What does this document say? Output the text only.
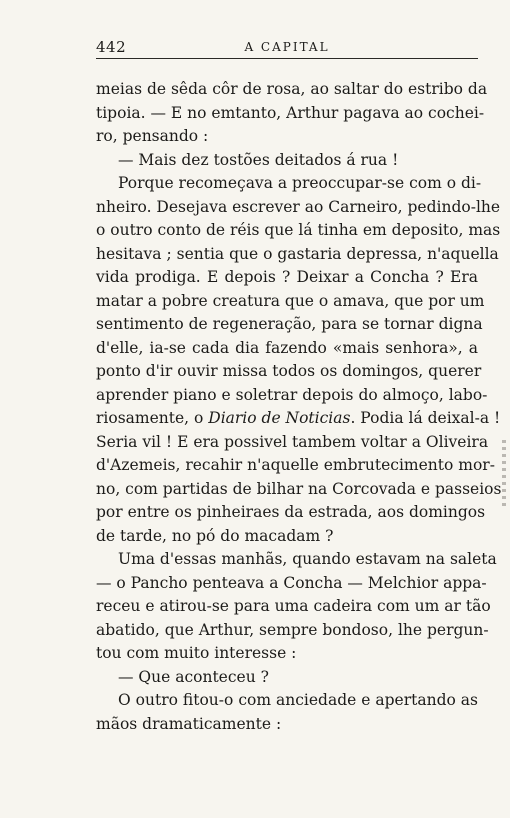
442	A CAPITAL
meias de sêda côr de rosa, ao saltar do estribo da
tipoia. — E no emtanto, Arthur pagava ao cochei-
ro, pensando :
— Mais dez tostões deitados á rua !
Porque recomeçava a preoccupar-se com o di-
nheiro. Desejava escrever ao Carneiro, pedindo-lhe
o outro conto de réis que lá tinha em deposito, mas
hesitava ; sentia que o gastaria depressa, n'aquella
vida prodiga. E depois ? Deixar a Concha ? Era
matar a pobre creatura que o amava, que por um
sentimento de regeneração, para se tornar digna
d'elle, ia-se cada dia fazendo «mais senhora», a
ponto d'ir ouvir missa todos os domingos, querer
aprender piano e soletrar depois do almoço, labo-
riosamente, o Diario de Noticias. Podia lá deixal-a !
Seria vil ! E era possivel tambem voltar a Oliveira
d'Azemeis, recahir n'aquelle embrutecimento mor-
no, com partidas de bilhar na Corcovada e passeios
por entre os pinheiraes da estrada, aos domingos
de tarde, no pó do macadam ?
Uma d'essas manhãs, quando estavam na saleta
— o Pancho penteava a Concha — Melchior appa-
receu e atirou-se para uma cadeira com um ar tão
abatido, que Arthur, sempre bondoso, lhe pergun-
tou com muito interesse :
— Que aconteceu ?
O outro fitou-o com anciedade e apertando as
mãos dramaticamente :
